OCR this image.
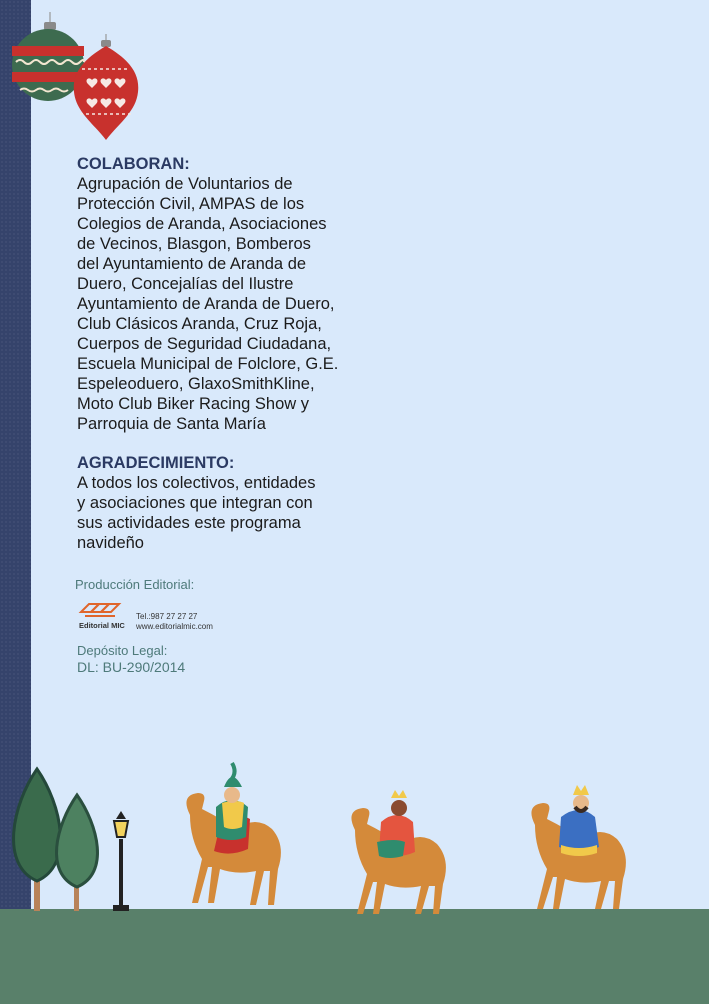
COLABORAN:

Agrupación de Voluntarios de

Protección Civil, AMPAS de los

Colegios de Aranda, Asociaciones

de Vecinos, Blasgon, Bomberos

del Ayuntamiento de Aranda de

Duero, Concejalías del Ilustre

Ayuntamiento de Aranda de Duero,

Club Clásicos Aranda, Cruz Roja,

Cuerpos de Seguridad Ciudadana,

Escuela Municipal de Folclore, G.E.

Espeleoduero, GlaxoSmithKline,

Moto Club Biker Racing Show y

Parroquia de Santa María

AGRADECIMIENTO:

A todos los colectivos, entidades

y asociaciones que integran con

sus actividades este programa

navideño

Producción Editorial:
Editorial MIC
Tel.:987 27 27 27
www.editorialmic.com
Depósito Legal:
DL: BU-290/2014
